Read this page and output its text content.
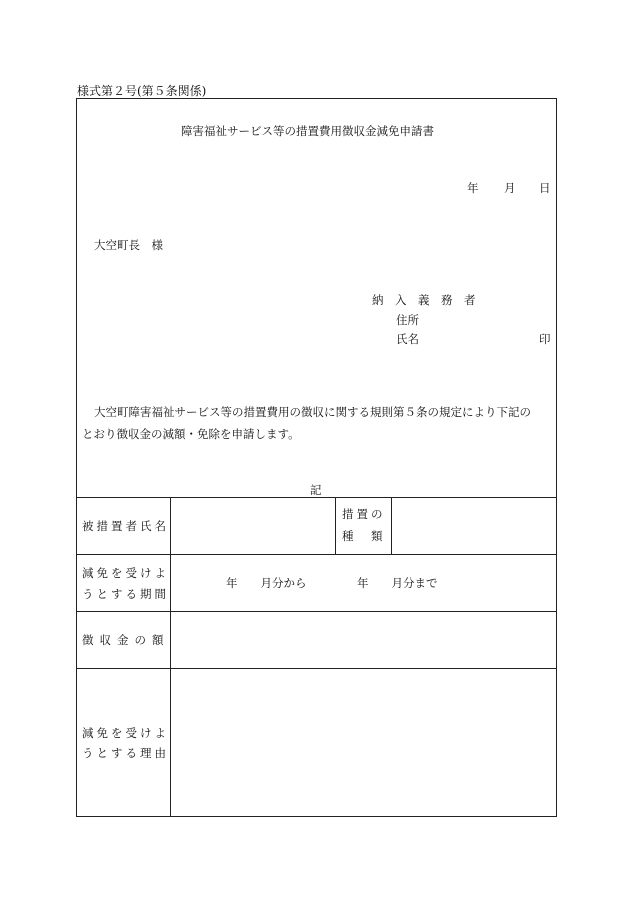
様式第２号(第５条関係)
障害福祉サービス等の措置費用徴収金減免申請書
年 月 日
大空町長　様
納　入　義　務　者
住所
氏名	印
大空町障害福祉サービス等の措置費用の徴収に関する規則第５条の規定により下記の
とおり徴収金の減額・免除を申請します。
記
被措置者氏名
措置の
種　類
減免を受けよ
うとする期間
年　　月分から	年　　月分まで
徴収金の額
減免を受けよ
うとする理由
